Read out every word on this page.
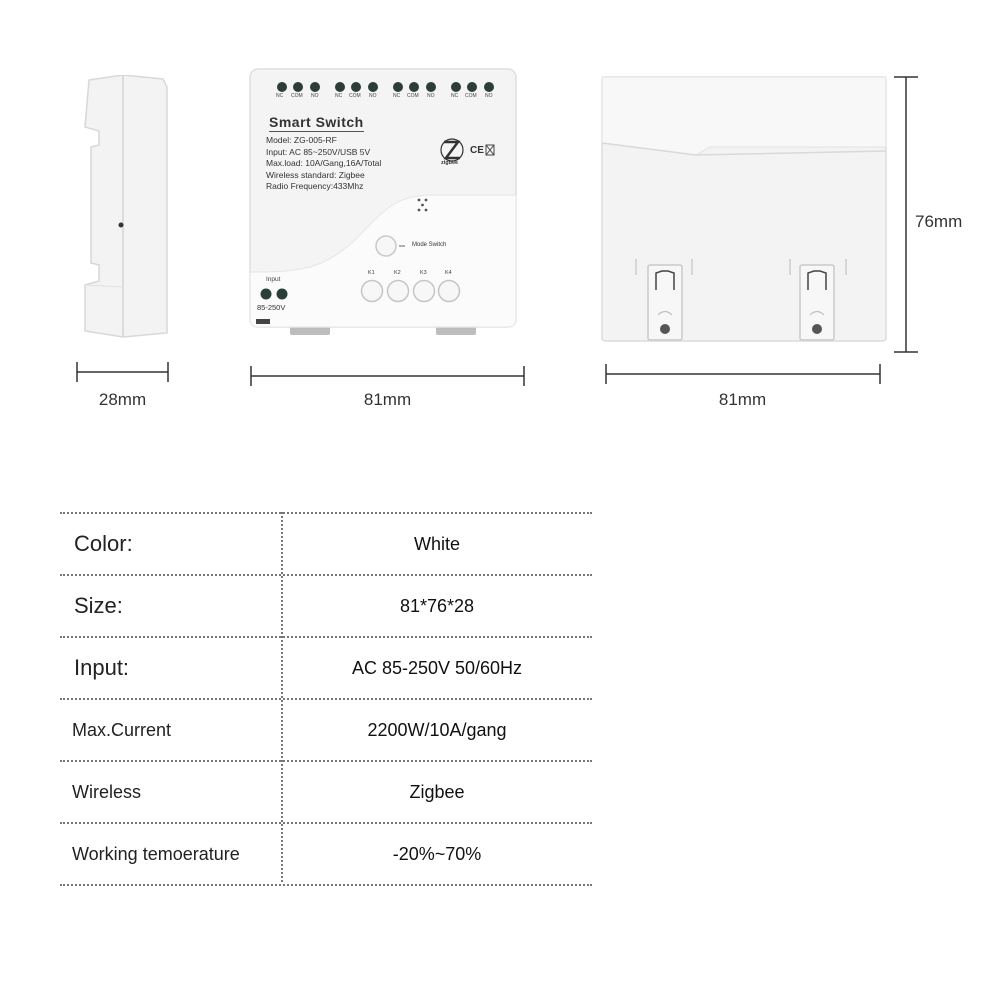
NC COM NO	NC COM NO	NC COM NO	NC COM NO
Smart Switch
Model: ZG-005-RF
Input: AC 85~250V/USB 5V
Max.load: 10A/Gang,16A/Total
Wireless standard: Zigbee
Radio Frequency:433Mhz
zigbee
CE
Mode Switch
K1	K2	K3	K4
Input
85-250V
28mm	81mm	81mm
76mm
Color:	White
Size:	81*76*28
Input:	AC 85-250V 50/60Hz
Max.Current	2200W/10A/gang
Wireless	Zigbee
Working temoerature	-20%~70%
